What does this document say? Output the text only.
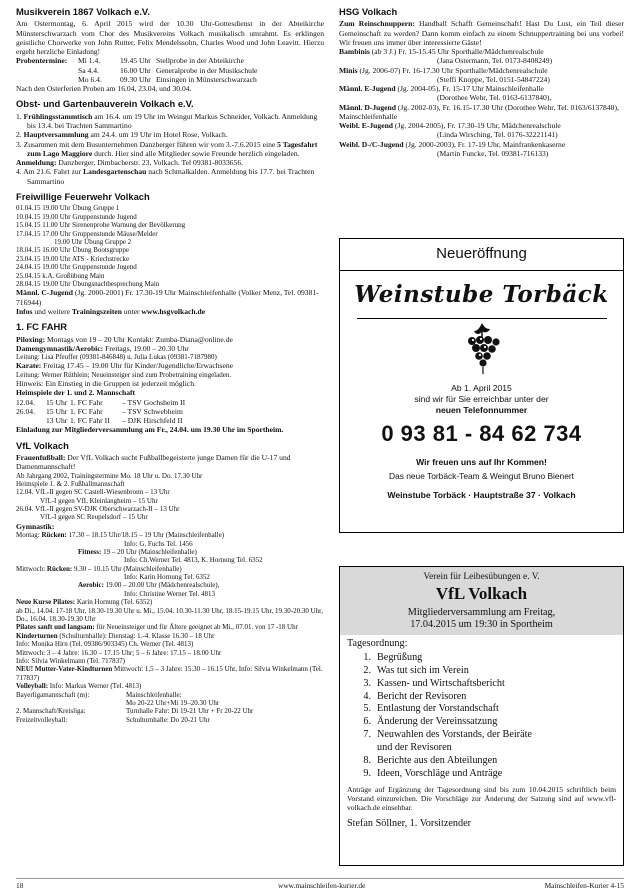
Musikverein 1867 Volkach e.V.

Am Ostermontag, 6. April 2015 wird der 10.30 Uhr-Gottesdienst in der Abteikirche Münsterschwarzach vom Chor des Musikvereins Volkach musikalisch umrahmt. Es erklingen geistliche Chorwerke von John Rutter, Felix Mendelssohn, Charles Wood und John Leavitt. Hierzu ergeht herzliche Einladung!

Probentermine:	Mi 1.4.	19.45 Uhr Stellprobe in der Abteikirche
Sa 4.4.	16.00 Uhr Generalprobe in der Musikschule
Mo 6.4.	09.30 Uhr Einsingen in Münsterschwarzach

Nach den Osterferien Proben am 16.04, 23.04, und 30.04.

Obst- und Gartenbauverein Volkach e.V.

1. Frühlingsstammtisch am 16.4. um 19 Uhr im Weingut Markus Schneider, Volkach. Anmeldung bis 13.4. bei Trachten Sammartino

2. Hauptversammlung am 24.4. um 19 Uhr im Hotel Rose, Volkach.

3. Zusammen mit dem Busunternehmen Danzberger führen wir vom 3.-7.6.2015 eine 5 Tagesfahrt zum Lago Maggiore durch. Hier sind alle Mitglieder sowie Freunde herzlich eingeladen.

Anmeldung: Danzberger, Dimbacherstr. 23, Volkach. Tel 09381-8033656.

4. Am 21.6. Fahrt zur Landesgartenschau nach Schmalkalden. Anmeldung bis 17.7. bei Trachten Sammartino

Freiwillige Feuerwehr Volkach

01.04.15 19.00 Uhr Übung Gruppe 1

10.04.15 19.00 Uhr Gruppenstunde Jugend

15.04.15 11.00 Uhr Sirenenprobe Warnung der Bevölkerung

17.04.15 17.00 Uhr Gruppenstunde Mäuse/Melder

19.00 Uhr Übung Gruppe 2

18.04.15 16.00 Uhr Übung Bootsgruppe

23.04.15 19.00 Uhr ATS - Kriechstrecke

24.04.15 19.00 Uhr Gruppenstunde Jugend

25.04.15 k.A. Großübung Main

28.04.15 19.00 Uhr Übungsnachbesprechung Main

Männl. C-Jugend (Jg. 2000-2001) Fr. 17.30-19 Uhr Mainschleifenhalle (Volker Menz, Tel. 09381-716944)

Infos und weitere Trainingszeiten unter www.hsgvolkach.de

1. FC FAHR

Piloxing: Montags von 19 – 20 Uhr Kontakt: Zumba-Diana@online.de

Damengymnastik/Aerobic: Freitags, 19.00 – 20.30 Uhr

Leitung: Lisa Pfeuffer (09381-846848) u. Julia Lukas (09381-7187980)

Karate: Freitag 17.45 – 19.00 Uhr für Kinder/Jugendliche/Erwachsene

Leitung: Werner Rüthlein; Neueinsteiger sind zum Probetraining eingeladen.

Hinweis: Ein Einstieg in die Gruppen ist jederzeit möglich.

Heimspiele der 1. und 2. Mannschaft

12.04.	15 Uhr 1. FC Fahr	– TSV Gochsheim II
26.04.	15 Uhr 1. FC Fahr	– TSV Schwebheim
13 Uhr 1. FC Fahr II	– DJK Hirschfeld II

Einladung zur Mitgliederversammlung am Fr., 24.04. um 19.30 Uhr im Sportheim.

VfL Volkach

Frauenfußball: Der VfL Volkach sucht Fußballbegeisterte junge Damen für die U-17 und Damenmannschaft!

Ab Jahrgang 2002, Trainingstermine Mo. 18 Uhr u. Do. 17.30 Uhr

Heimspiele 1. & 2. Fußballmannschaft

12.04. VfL-II gegen SC Castell-Wiesenbronn – 13 Uhr

VfL-I gegen VfL Kleinlangheim – 15 Uhr

26.04. VfL-II gegen SV-DJK Oberschwarzach-II – 13 Uhr

VfL-I gegen SC Reupelsdorf – 15 Uhr

Gymnastik:

Montag: Rücken: 17.30 – 18.15 Uhr/18.15 – 19 Uhr (Mainschleifenhalle)

Info: G. Fuchs Tel. 1456

Fitness: 19 – 20 Uhr (Mainschleifenhalle)

Info: Ch.Werner Tel. 4813, K. Hornung Tel. 6352

Mittwoch: Rücken: 9.30 – 10.15 Uhr (Mainschleifenhalle)

Info: Karin Hornung Tel. 6352

Aerobic: 19.00 – 20.00 Uhr (Mädchenrealschule),

Info: Christine Werner Tel. 4813

Neue Kurse Pilates: Karin Hornung (Tel. 6352)

ab Di., 14.04. 17-18 Uhr, 18.30-19.30 Uhr u. Mi., 15.04. 10.30-11.30 Uhr, 18.15-19.15 Uhr, 19.30-20.30 Uhr, Do., 16.04. 18.30-19.30 Uhr

Pilates sanft und langsam: für Neueinsteiger und für Ältere geeignet ab Mi., 07.01. von 17 -18 Uhr

Kinderturnen (Schulturnhalle): Dienstag: 1.-4. Klasse 16.30 – 18 Uhr

Info: Monika Hirn (Tel. 09386/903345) Ch. Werner (Tel. 4813)

Mittwoch: 3 – 4 Jahre: 16.30 – 17.15 Uhr; 5 – 6 Jahre: 17.15 – 18.00 Uhr

Info: Silvia Winkelmann (Tel. 717837)

NEU! Mutter-Vater-Kindturnen Mittwoch: 1,5 – 3 Jahre: 15.30 – 16.15 Uhr, Info: Silvia Winkelmann (Tel. 717837)

Volleyball: Info: Markus Werner (Tel. 4813)

Bayerligamannschaft (m):	Mainschleifenhalle:
Mo 20-22 Uhr+Mi 19–20.30 Uhr
2. Mannschaft/Kreisliga:	Turnhalle Fahr: Di 19-21 Uhr + Fr 20-22 Uhr
Freizeitvolleyball:	Schulturnhalle: Do 20-21 Uhr
HSG Volkach

Zum Reinschnuppern: Handball Schafft Gemeinschaft! Hast Du Lust, ein Teil dieser Gemeinschaft zu werden? Dann komm einfach zu einem Schnuppertraining bei uns vorbei! Wir freuen uns immer über interessierte Gäste!

Bambinis (ab 3 J.) Fr. 15-15.45 Uhr Sporthalle/Mädchenrealschule

(Jana Ostermann, Tel. 0173-8408249)

Minis (Jg. 2006-07) Fr. 16-17.30 Uhr Sporthalle/Mädchenrealschule

(Steffi Knoppe, Tel. 0151-54847224)

Männl. E-Jugend (Jg. 2004-05), Fr. 15-17 Uhr Mainschleifenhalle

(Dorothee Wehr, Tel. 0163-6137840),

Männl. D-Jugend (Jg. 2002-03), Fr. 16.15-17.30 Uhr (Dorothee Wehr, Tel. 0163/6137840), Mainschleifenhalle

Weibl. E-Jugend (Jg. 2004-2005), Fr. 17.30-19 Uhr, Mädchenrealschule

(Linda Wirsching, Tel. 0176-32221141)

Weibl. D-/C-Jugend (Jg. 2000-2003), Fr. 17-19 Uhr, Mainfrankenkaserne

(Martin Funcke, Tel. 09381-716133)

Neueröffnung
Weinstube Torbäck
Ab 1. April 2015
sind wir für Sie erreichbar unter der
neuen Telefonnummer
0 93 81 - 84 62 734
Wir freuen uns auf Ihr Kommen!
Das neue Torbäck-Team & Weingut Bruno Bienert
Weinstube Torbäck · Hauptstraße 37 · Volkach
Verein für Leibesübungen e. V.
VfL Volkach
Mitgliederversammlung am Freitag,
17.04.2015 um 19:30 in Sportheim
Tagesordnung:
1. Begrüßung
2. Was tut sich im Verein
3. Kassen- und Wirtschaftsbericht
4. Bericht der Revisoren
5. Entlastung der Vorstandschaft
6. Änderung der Vereinssatzung
7. Neuwahlen des Vorstands, der Beiräte
und der Revisoren
8. Berichte aus den Abteilungen
9. Ideen, Vorschläge und Anträge

Anträge auf Ergänzung der Tagesordnung sind bis zum 10.04.2015 schriftlich beim Vorstand einzureichen. Die Vorschläge zur Änderung der Satzung sind auf www.vfl-volkach.de einsehbar.

Stefan Söllner, 1. Vorsitzender

18	www.mainschleifen-kurier.de	Mainschleifen-Kurier 4-15
